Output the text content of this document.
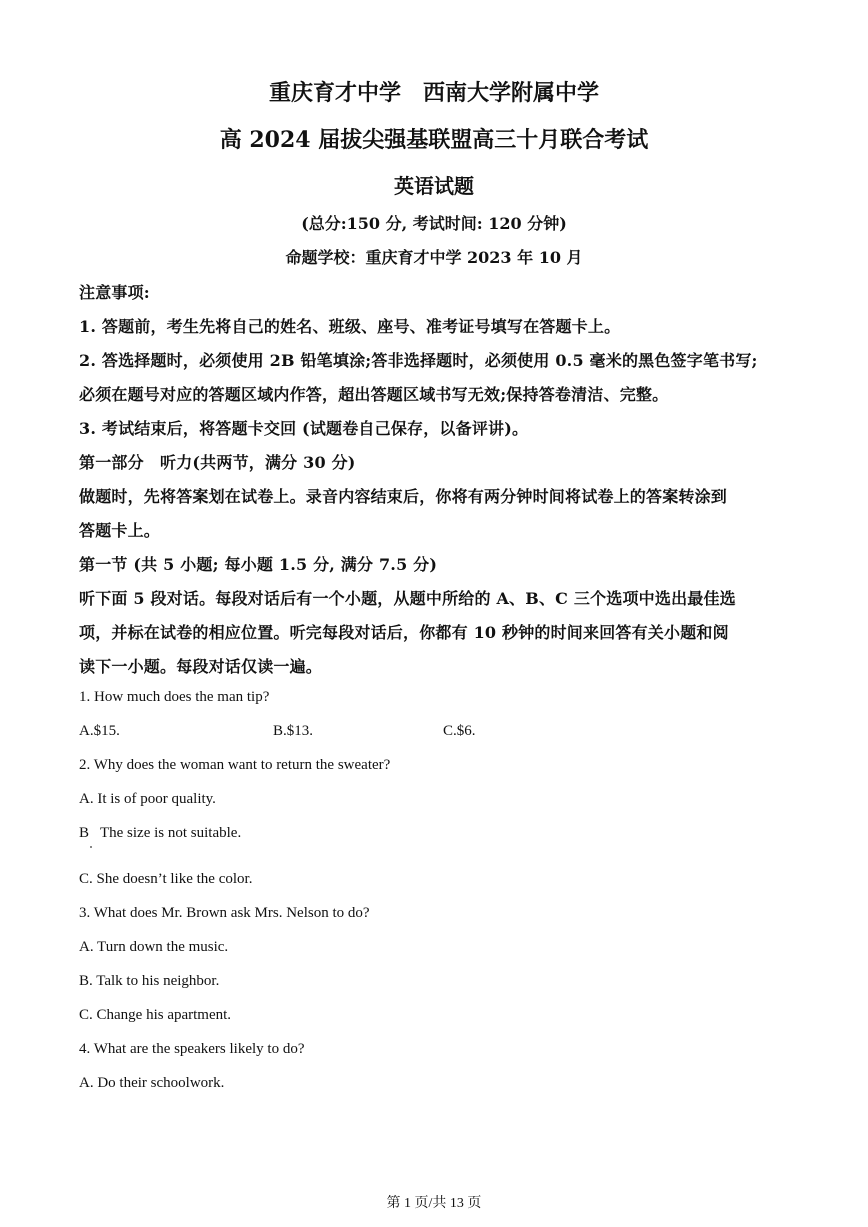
重庆育才中学　西南大学附属中学
高 2024 届拔尖强基联盟高三十月联合考试
英语试题
(总分:150 分, 考试时间: 120 分钟)
命题学校：重庆育才中学 2023 年 10 月
注意事项:
1. 答题前，考生先将自己的姓名、班级、座号、准考证号填写在答题卡上。
2. 答选择题时，必须使用 2B 铅笔填涂;答非选择题时，必须使用 0.5 毫米的黑色签字笔书写;
必须在题号对应的答题区域内作答，超出答题区域书写无效;保持答卷清洁、完整。
3. 考试结束后，将答题卡交回 (试题卷自己保存，以备评讲)。
第一部分　听力(共两节，满分 30 分)
做题时，先将答案划在试卷上。录音内容结束后，你将有两分钟时间将试卷上的答案转涂到
答题卡上。
第一节 (共 5 小题; 每小题 1.5 分, 满分 7.5 分)
听下面 5 段对话。每段对话后有一个小题，从题中所给的 A、B、C 三个选项中选出最佳选
项，并标在试卷的相应位置。听完每段对话后，你都有 10 秒钟的时间来回答有关小题和阅
读下一小题。每段对话仅读一遍。
1. How much does the man tip?
A.$15.	B.$13.	C.$6.
2. Why does the woman want to return the sweater?
A. It is of poor quality.
B   The size is not suitable.
C. She doesn’t like the color.
3. What does Mr. Brown ask Mrs. Nelson to do?
A. Turn down the music.
B. Talk to his neighbor.
C. Change his apartment.
4. What are the speakers likely to do?
A. Do their schoolwork.
第 1 页/共 13 页
